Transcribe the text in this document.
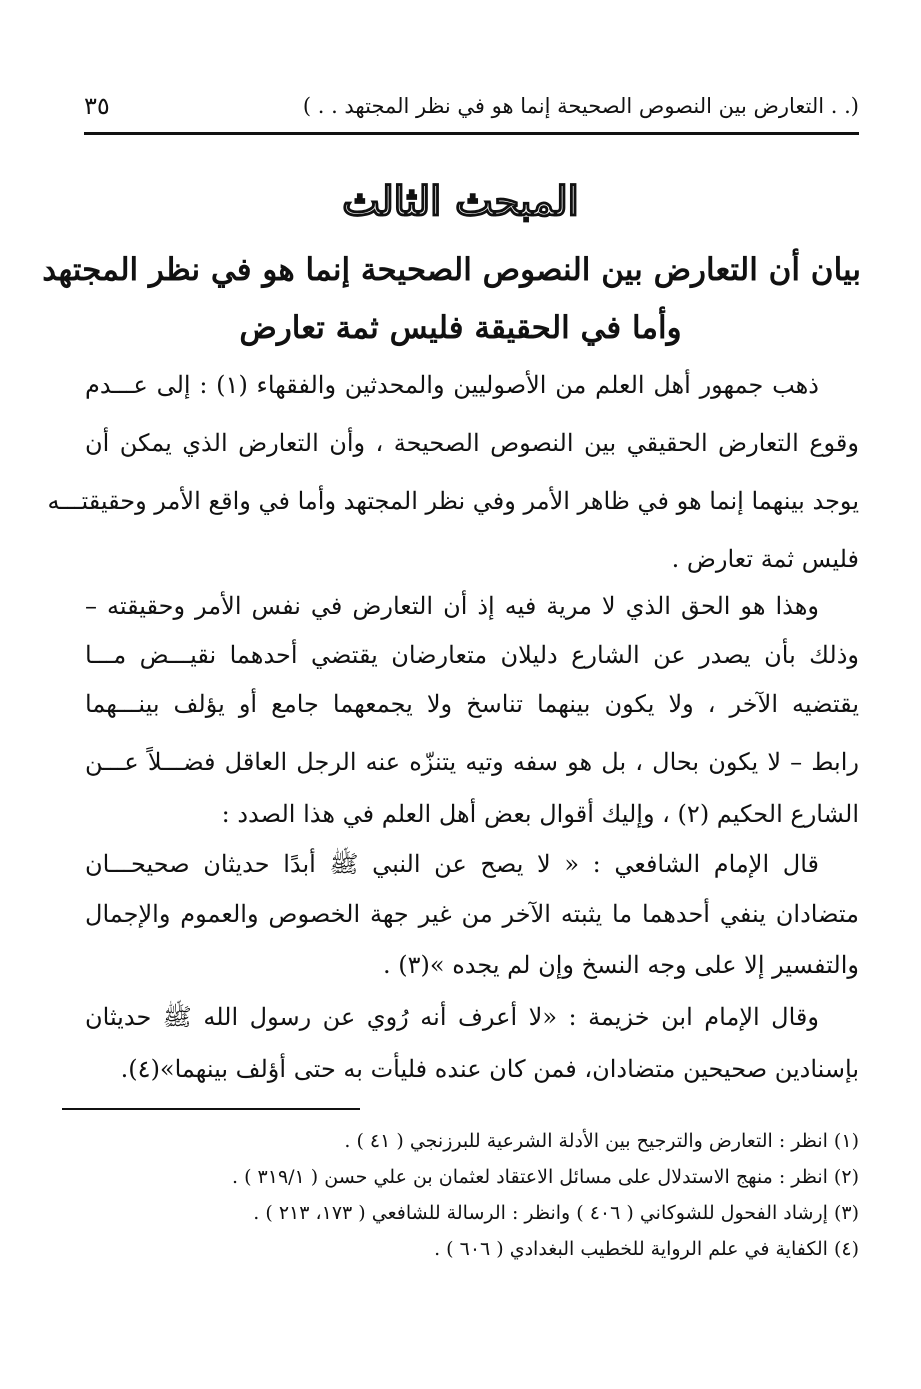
(. . التعارض بين النصوص الصحيحة إنما هو في نظر المجتهد . . )
٣٥
المبحث الثالث
بيان أن التعارض بين النصوص الصحيحة إنما هو في نظر المجتهد
وأما في الحقيقة فليس ثمة تعارض
ذهب جمهور أهل العلم من الأصوليين والمحدثين والفقهاء (١) : إلى عـــدم
وقوع التعارض الحقيقي بين النصوص الصحيحة ، وأن التعارض الذي يمكن أن
يوجد بينهما إنما هو في ظاهر الأمر وفي نظر المجتهد وأما في واقع الأمر وحقيقتـــه
فليس ثمة تعارض .
وهذا هو الحق الذي لا مرية فيه إذ أن التعارض في نفس الأمر وحقيقته –
وذلك بأن يصدر عن الشارع دليلان متعارضان يقتضي أحدهما نقيـــض مـــا
يقتضيه الآخر ، ولا يكون بينهما تناسخ ولا يجمعهما جامع أو يؤلف بينـــهما
رابط – لا يكون بحال ، بل هو سفه وتيه يتنزّه عنه الرجل العاقل فضـــلاً عـــن
الشارع الحكيم (٢) ، وإليك أقوال بعض أهل العلم في هذا الصدد :
قال الإمام الشافعي : « لا يصح عن النبي ﷺ أبدًا حديثان صحيحـــان
متضادان ينفي أحدهما ما يثبته الآخر من غير جهة الخصوص والعموم والإجمال
والتفسير إلا على وجه النسخ وإن لم يجده »(٣) .
وقال الإمام ابن خزيمة : «لا أعرف أنه رُوي عن رسول الله ﷺ حديثان
بإسنادين صحيحين متضادان، فمن كان عنده فليأت به حتى أؤلف بينهما»(٤).
(١) انظر : التعارض والترجيح بين الأدلة الشرعية للبرزنجي ( ٤١ ) .
(٢) انظر : منهج الاستدلال على مسائل الاعتقاد لعثمان بن علي حسن ( ٣١٩/١ ) .
(٣) إرشاد الفحول للشوكاني ( ٤٠٦ ) وانظر : الرسالة للشافعي ( ١٧٣، ٢١٣ ) .
(٤) الكفاية في علم الرواية للخطيب البغدادي ( ٦٠٦ ) .
